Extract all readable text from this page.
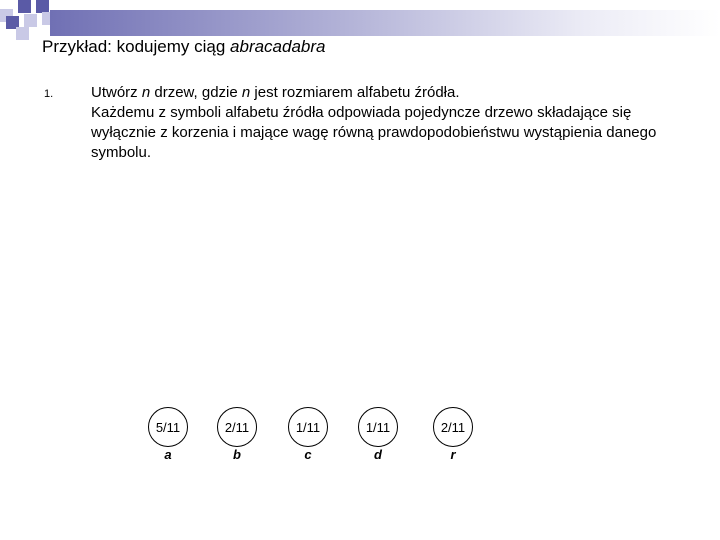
Przykład: kodujemy ciąg abracadabra
1.	Utwórz n drzew, gdzie n jest rozmiarem alfabetu źródła.
Każdemu z symboli alfabetu źródła odpowiada pojedyncze drzewo składające się wyłącznie z korzenia i mające wagę równą prawdopodobieństwu wystąpienia danego symbolu.
5/11
a
2/11
b
1/11
c
1/11
d
2/11
r
